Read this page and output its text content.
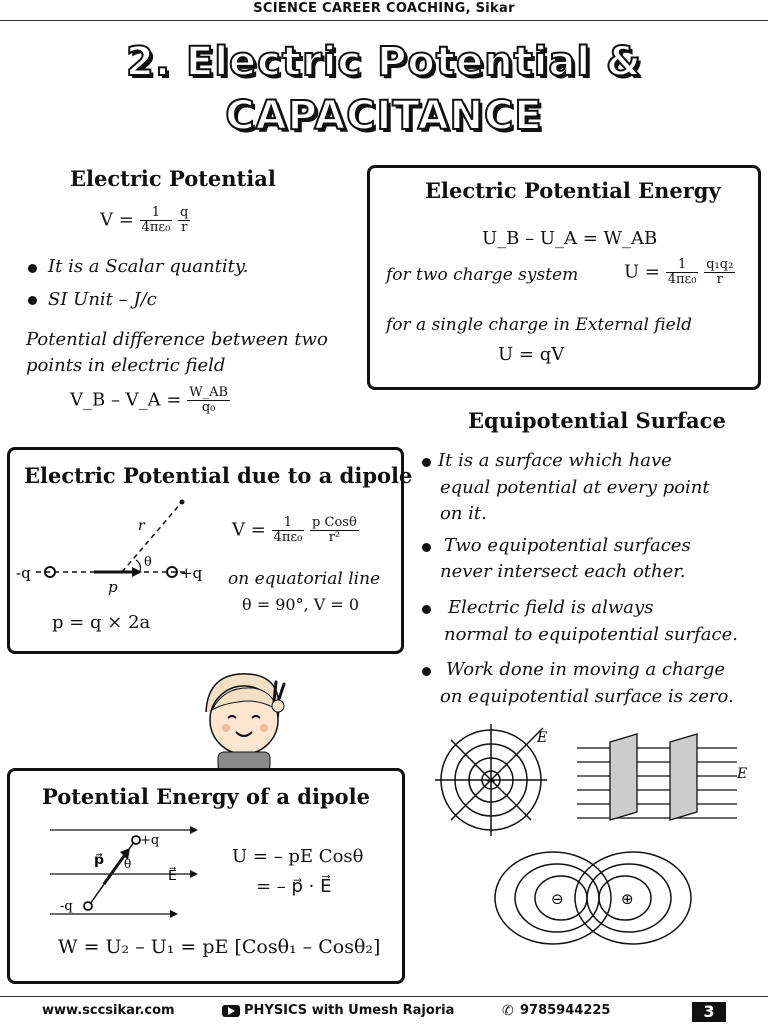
SCIENCE CAREER COACHING, Sikar
2. Electric Potential &
CAPACITANCE
Electric Potential
$V = \frac{1}{\text{4πε₀}}$
$\frac{q}{r}$
It is a Scalar quantity.
SI Unit – J/c
Potential difference between two
points in electric field
V_B – V_A = $\frac{W\_AB}{\text{q₀}}$
Electric Potential Energy
U_B – U_A = W_AB
for two charge system	$U = \frac{1}{\text{4πε₀}}$
$\frac{\text{q₁q₂}}{r}$
for a single charge in External field
U = qV
Equipotential Surface
It is a surface which have
equal potential at every point
on it.
Two equipotential surfaces
never intersect each other.
Electric field is always
normal to equipotential surface.
Work done in moving a charge
on equipotential surface is zero.
+
E
E
⊖	⊕
Electric Potential due to a dipole
$V = \frac{1}{\text{4πε₀}}$
p Cosθ
r²
on equatorial line
θ = 90°, V = 0
p = q × 2a
-q	+q
r
θ
p
Potential Energy of a dipole
+q
-q
p⃗ θ
E⃗
U = – pE Cosθ
= – p⃗ · E⃗
W = U₂ – U₁ = pE [Cosθ₁ – Cosθ₂]
www.sccsikar.com	PHYSICS with Umesh Rajoria	✆ 9785944225	3
